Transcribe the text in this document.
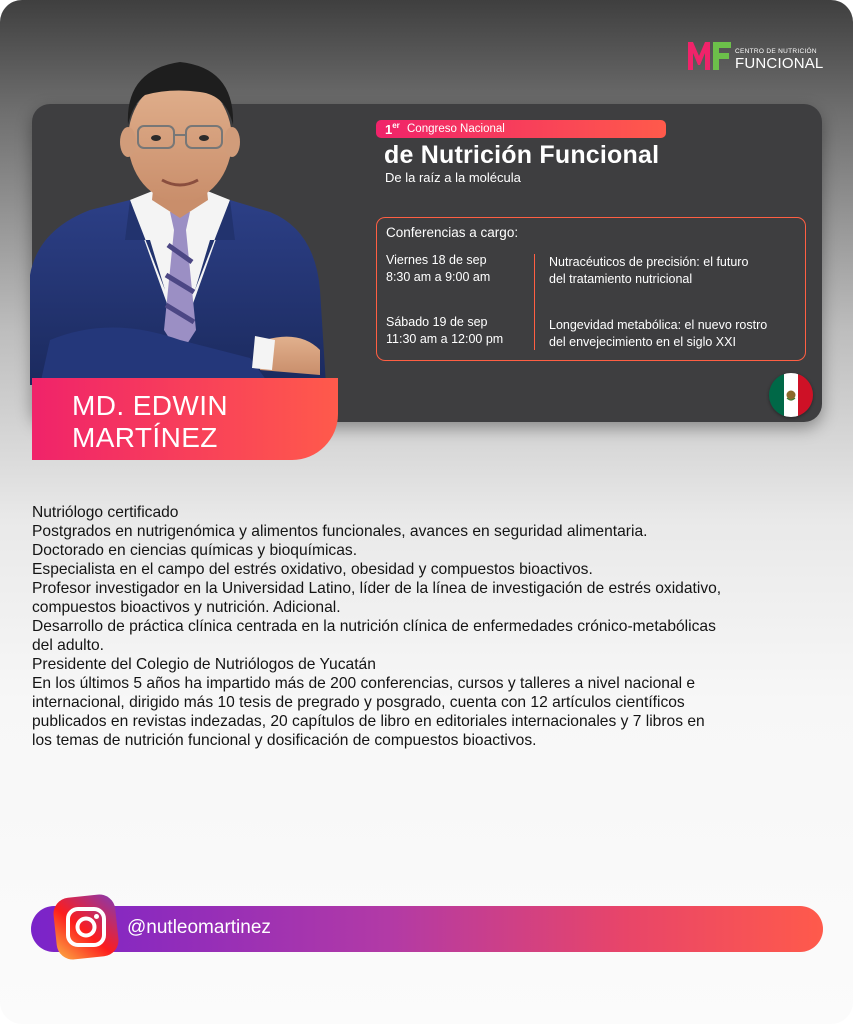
CENTRO DE NUTRICIÓN
FUNCIONAL
MD. EDWIN
MARTÍNEZ
1er Congreso Nacional
de Nutrición Funcional
De la raíz a la molécula
Conferencias a cargo:
Viernes 18 de sep
8:30 am a 9:00 am
Nutracéuticos de precisión: el futuro
del tratamiento nutricional
Sábado 19 de sep
11:30 am a 12:00 pm
Longevidad metabólica: el nuevo rostro
del envejecimiento en el siglo XXI

Nutriólogo certificado

Postgrados en nutrigenómica y alimentos funcionales, avances en seguridad alimentaria.

Doctorado en ciencias químicas y bioquímicas.

Especialista en el campo del estrés oxidativo, obesidad y compuestos bioactivos.

Profesor investigador en la Universidad Latino, líder de la línea de investigación de estrés oxidativo,

compuestos bioactivos y nutrición. Adicional.

Desarrollo de práctica clínica centrada en la nutrición clínica de enfermedades crónico-metabólicas

del adulto.

Presidente del Colegio de Nutriólogos de Yucatán

En los últimos 5 años ha impartido más de 200 conferencias, cursos y talleres a nivel nacional e

internacional, dirigido más 10 tesis de pregrado y posgrado, cuenta con 12 artículos científicos

publicados en revistas indezadas, 20 capítulos de libro en editoriales internacionales y 7 libros en

los temas de nutrición funcional y dosificación de compuestos bioactivos.

@nutleomartinez
